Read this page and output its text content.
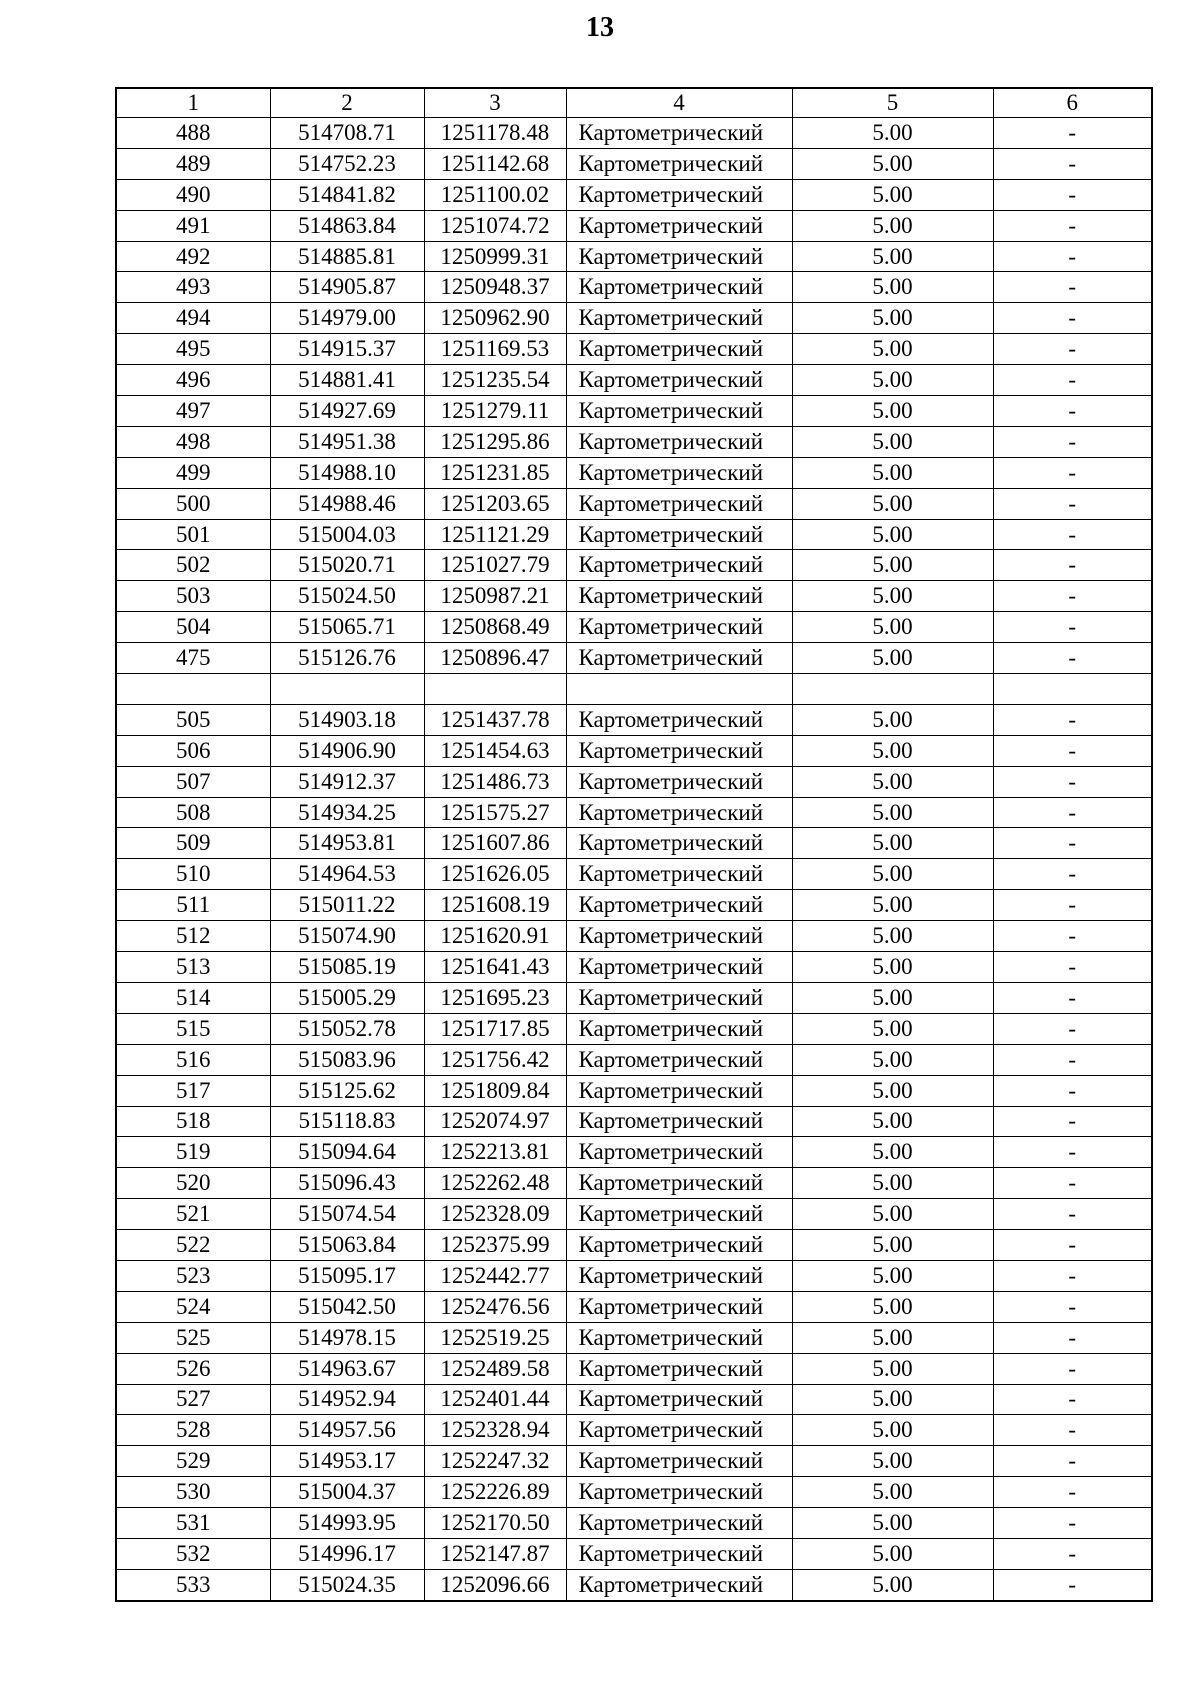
13
1	2	3	4	5	6
488	514708.71	1251178.48	Картометрический	5.00	-
489	514752.23	1251142.68	Картометрический	5.00	-
490	514841.82	1251100.02	Картометрический	5.00	-
491	514863.84	1251074.72	Картометрический	5.00	-
492	514885.81	1250999.31	Картометрический	5.00	-
493	514905.87	1250948.37	Картометрический	5.00	-
494	514979.00	1250962.90	Картометрический	5.00	-
495	514915.37	1251169.53	Картометрический	5.00	-
496	514881.41	1251235.54	Картометрический	5.00	-
497	514927.69	1251279.11	Картометрический	5.00	-
498	514951.38	1251295.86	Картометрический	5.00	-
499	514988.10	1251231.85	Картометрический	5.00	-
500	514988.46	1251203.65	Картометрический	5.00	-
501	515004.03	1251121.29	Картометрический	5.00	-
502	515020.71	1251027.79	Картометрический	5.00	-
503	515024.50	1250987.21	Картометрический	5.00	-
504	515065.71	1250868.49	Картометрический	5.00	-
475	515126.76	1250896.47	Картометрический	5.00	-

505	514903.18	1251437.78	Картометрический	5.00	-
506	514906.90	1251454.63	Картометрический	5.00	-
507	514912.37	1251486.73	Картометрический	5.00	-
508	514934.25	1251575.27	Картометрический	5.00	-
509	514953.81	1251607.86	Картометрический	5.00	-
510	514964.53	1251626.05	Картометрический	5.00	-
511	515011.22	1251608.19	Картометрический	5.00	-
512	515074.90	1251620.91	Картометрический	5.00	-
513	515085.19	1251641.43	Картометрический	5.00	-
514	515005.29	1251695.23	Картометрический	5.00	-
515	515052.78	1251717.85	Картометрический	5.00	-
516	515083.96	1251756.42	Картометрический	5.00	-
517	515125.62	1251809.84	Картометрический	5.00	-
518	515118.83	1252074.97	Картометрический	5.00	-
519	515094.64	1252213.81	Картометрический	5.00	-
520	515096.43	1252262.48	Картометрический	5.00	-
521	515074.54	1252328.09	Картометрический	5.00	-
522	515063.84	1252375.99	Картометрический	5.00	-
523	515095.17	1252442.77	Картометрический	5.00	-
524	515042.50	1252476.56	Картометрический	5.00	-
525	514978.15	1252519.25	Картометрический	5.00	-
526	514963.67	1252489.58	Картометрический	5.00	-
527	514952.94	1252401.44	Картометрический	5.00	-
528	514957.56	1252328.94	Картометрический	5.00	-
529	514953.17	1252247.32	Картометрический	5.00	-
530	515004.37	1252226.89	Картометрический	5.00	-
531	514993.95	1252170.50	Картометрический	5.00	-
532	514996.17	1252147.87	Картометрический	5.00	-
533	515024.35	1252096.66	Картометрический	5.00	-
